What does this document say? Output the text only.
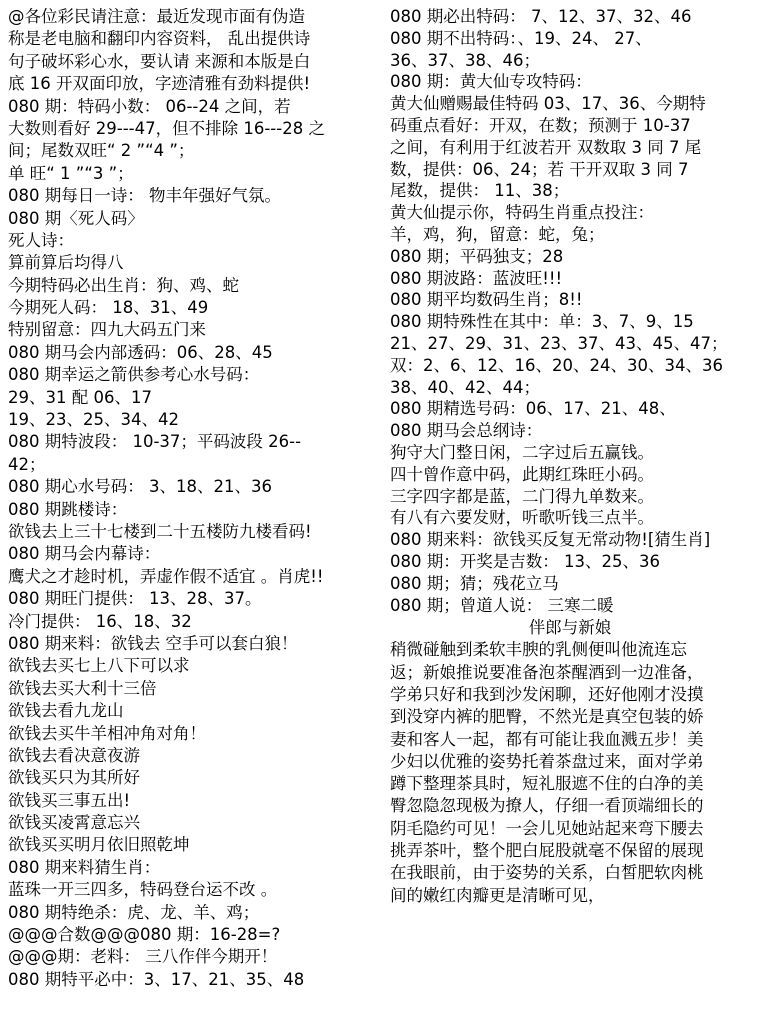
@各位彩民请注意：最近发现市面有伪造
称是老电脑和翻印内容资料， 乱出提供诗
句子破坏彩心水，要认请 来源和本版是白
底 16 开双面印放，字迹清雅有劲料提供!
080 期：特码小数： 06--24 之间，若
大数则看好 29---47，但不排除 16---28 之
间；尾数双旺“ 2 ”“4 ”；
单 旺“ 1 ”“3 ”；
080 期每日一诗： 物丰年强好气氛。
080 期〈死人码〉
死人诗：
算前算后均得八
今期特码必出生肖：狗、鸡、蛇
今期死人码： 18、31、49
特别留意：四九大码五门来
080 期马会内部透码：06、28、45
080 期幸运之箭供参考心水号码：
29、31 配 06、17
19、23、25、34、42
080 期特波段： 10-37；平码波段 26--
42；
080 期心水号码： 3、18、21、36
080 期跳楼诗：
欲钱去上三十七楼到二十五楼防九楼看码!
080 期马会内幕诗：
鹰犬之才趁时机，弄虚作假不适宜 。肖虎!!
080 期旺门提供： 13、28、37。
冷门提供： 16、18、32
080 期来料：欲钱去 空手可以套白狼！
欲钱去买七上八下可以求
欲钱去买大利十三倍
欲钱去看九龙山
欲钱去买牛羊相冲角对角！
欲钱去看决意夜游
欲钱买只为其所好
欲钱买三事五出!
欲钱买凌霄意忘兴
欲钱买买明月依旧照乾坤
080 期来料猜生肖：
蓝珠一开三四多，特码登台运不改 。
080 期特绝杀：虎、龙、羊、鸡；
@@@合数@@@080 期：16-28=?
@@@期：老料： 三八作伴今期开！
080 期特平必中：3、17、21、35、48
080 期必出特码： 7、12、37、32、46
080 期不出特码：、19、24、 27、
36、37、38、46；
080 期：黄大仙专攻特码：
黄大仙赠赐最佳特码 03、17、36、今期特
码重点看好：开双，在数；预测于 10-37
之间，有利用于红波若开 双数取 3 同 7 尾
数，提供：06、24；若 干开双取 3 同 7
尾数，提供： 11、38；
黄大仙提示你，特码生肖重点投注：
羊，鸡，狗，留意：蛇，兔；
080 期；平码独支；28
080 期波路：蓝波旺!!!
080 期平均数码生肖；8!!
080 期特殊性在其中：单：3、7、9、15
21、27、29、31、23、37、43、45、47；
双：2、6、12、16、20、24、30、34、36
38、40、42、44；
080 期精选号码：06、17、21、48、
080 期马会总纲诗：
狗守大门整日闲，二字过后五赢钱。
四十曾作意中码，此期红珠旺小码。
三字四字都是蓝，二门得九单数来。
有八有六要发财，听歌听钱三点半。
080 期来料：欲钱买反复无常动物![猜生肖]
080 期：开奖是吉数： 13、25、36
080 期；猜；残花立马
080 期；曾道人说： 三寒二暖
伴郎与新娘
稍微碰触到柔软丰腴的乳侧便叫他流连忘
返；新娘推说要准备泡茶醒酒到一边准备，
学弟只好和我到沙发闲聊，还好他刚才没摸
到没穿内裤的肥臀，不然光是真空包装的娇
妻和客人一起，都有可能让我血溅五步！美
少妇以优雅的姿势托着茶盘过来，面对学弟
蹲下整理茶具时，短礼服遮不住的白净的美
臀忽隐忽现极为撩人，仔细一看顶端细长的
阴毛隐约可见！一会儿见她站起来弯下腰去
挑弄茶叶，整个肥白屁股就毫不保留的展现
在我眼前，由于姿势的关系，白皙肥软肉桃
间的嫩红肉瓣更是清晰可见，
